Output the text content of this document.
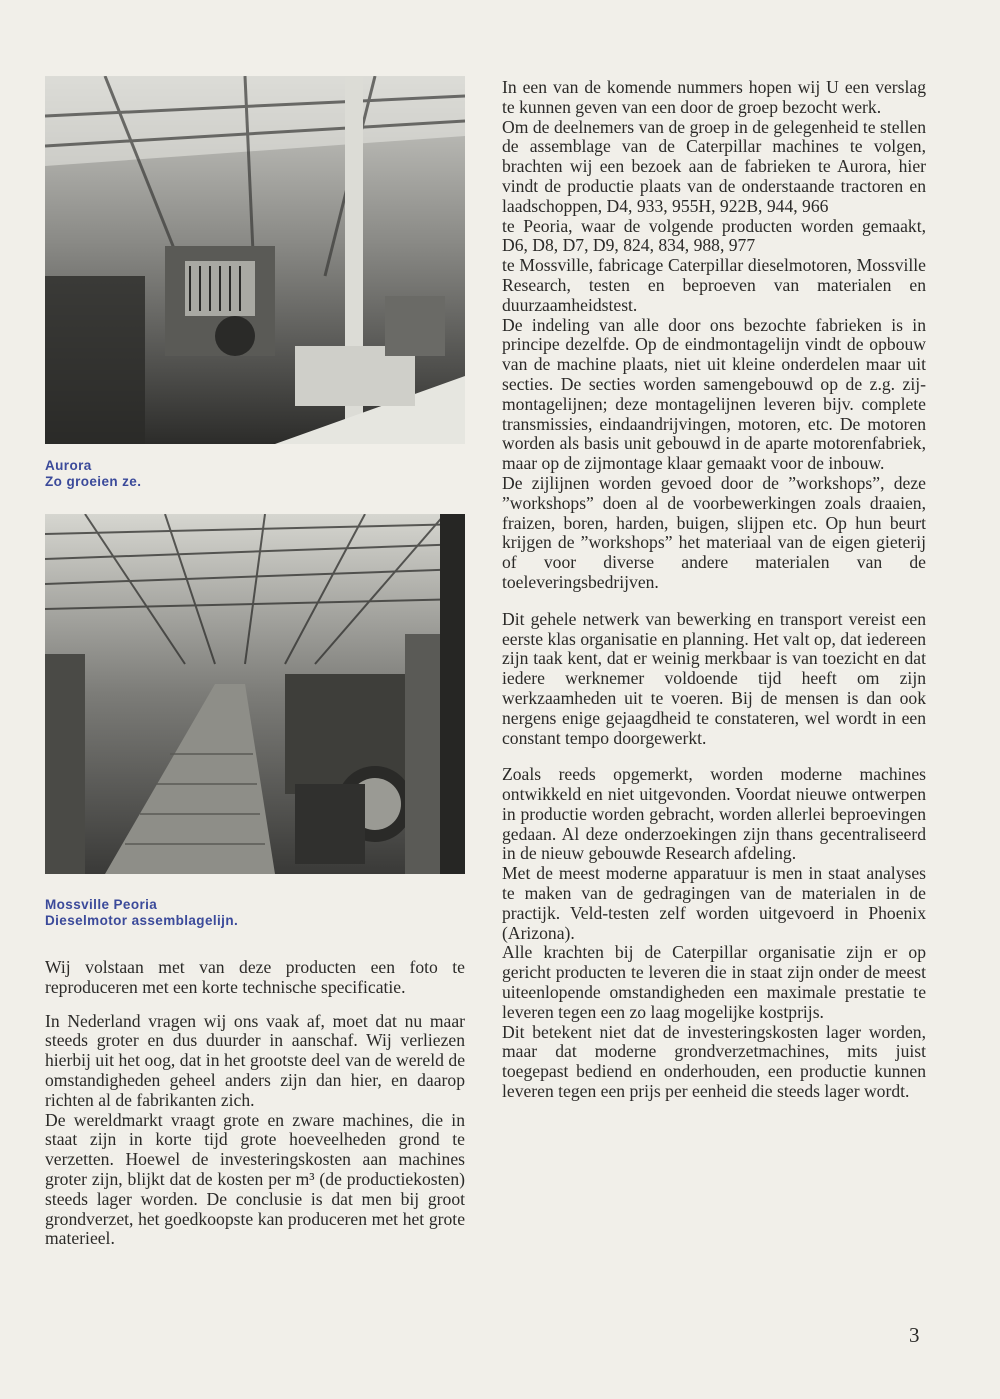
Aurora
Zo groeien ze.
Mossville Peoria
Dieselmotor assemblagelijn.

Wij volstaan met van deze producten een foto te reproduceren met een korte technische specificatie.

In Nederland vragen wij ons vaak af, moet dat nu maar steeds groter en dus duurder in aanschaf. Wij verliezen hierbij uit het oog, dat in het grootste deel van de wereld de omstandigheden geheel anders zijn dan hier, en daarop richten al de fabrikanten zich.

De wereldmarkt vraagt grote en zware machines, die in staat zijn in korte tijd grote hoeveelheden grond te verzetten. Hoewel de investeringskosten aan machines groter zijn, blijkt dat de kosten per m³ (de productiekosten) steeds lager worden. De conclusie is dat men bij groot grondverzet, het goedkoopste kan produceren met het grote materieel.

In een van de komende nummers hopen wij U een verslag te kunnen geven van een door de groep bezocht werk.

Om de deelnemers van de groep in de gelegenheid te stellen de assemblage van de Caterpillar machines te volgen, brachten wij een bezoek aan de fabrieken te Aurora, hier vindt de productie plaats van de onderstaande tractoren en laadschoppen, D4, 933, 955H, 922B, 944, 966

te Peoria, waar de volgende producten worden gemaakt, D6, D8, D7, D9, 824, 834, 988, 977

te Mossville, fabricage Caterpillar dieselmotoren, Mossville Research, testen en beproeven van materialen en duurzaamheidstest.

De indeling van alle door ons bezochte fabrieken is in principe dezelfde. Op de eindmontagelijn vindt de opbouw van de machine plaats, niet uit kleine onderdelen maar uit secties. De secties worden samengebouwd op de z.g. zij-montagelijnen; deze montagelijnen leveren bijv. complete transmissies, eindaandrijvingen, motoren, etc. De motoren worden als basis unit gebouwd in de aparte motorenfabriek, maar op de zijmontage klaar gemaakt voor de inbouw.

De zijlijnen worden gevoed door de ”workshops”, deze ”workshops” doen al de voorbewerkingen zoals draaien, fraizen, boren, harden, buigen, slijpen etc. Op hun beurt krijgen de ”workshops” het materiaal van de eigen gieterij of voor diverse andere materialen van de toeleveringsbedrijven.

Dit gehele netwerk van bewerking en transport vereist een eerste klas organisatie en planning. Het valt op, dat iedereen zijn taak kent, dat er weinig merkbaar is van toezicht en dat iedere werknemer voldoende tijd heeft om zijn werkzaamheden uit te voeren. Bij de mensen is dan ook nergens enige gejaagdheid te constateren, wel wordt in een constant tempo doorgewerkt.

Zoals reeds opgemerkt, worden moderne machines ontwikkeld en niet uitgevonden. Voordat nieuwe ontwerpen in productie worden gebracht, worden allerlei beproevingen gedaan. Al deze onderzoekingen zijn thans gecentraliseerd in de nieuw gebouwde Research afdeling.

Met de meest moderne apparatuur is men in staat analyses te maken van de gedragingen van de materialen in de practijk. Veld-testen zelf worden uitgevoerd in Phoenix (Arizona).

Alle krachten bij de Caterpillar organisatie zijn er op gericht producten te leveren die in staat zijn onder de meest uiteenlopende omstandigheden een maximale prestatie te leveren tegen een zo laag mogelijke kostprijs.

Dit betekent niet dat de investeringskosten lager worden, maar dat moderne grondverzetmachines, mits juist toegepast bediend en onderhouden, een productie kunnen leveren tegen een prijs per eenheid die steeds lager wordt.

3
